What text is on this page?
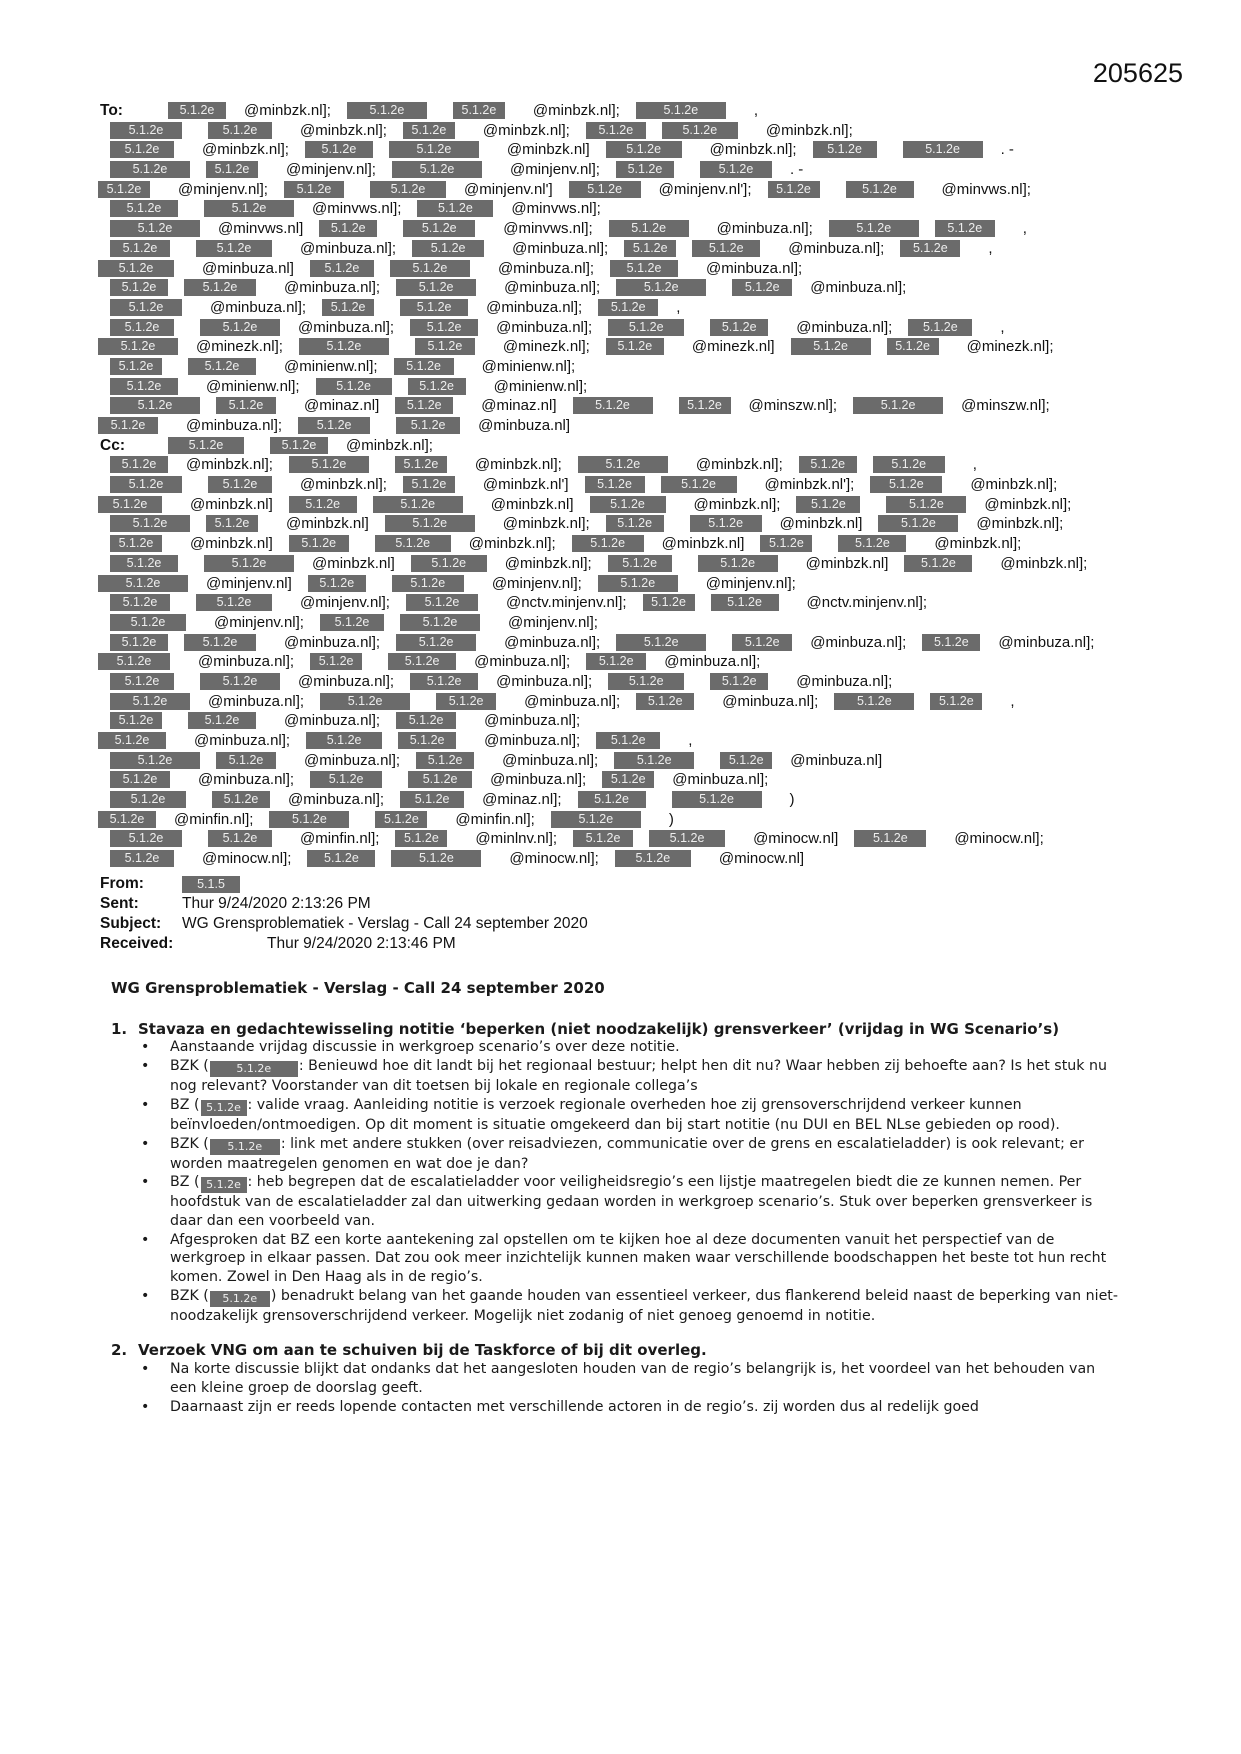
205625
5.1.2e @minbzk.nl];	5.1.2e	5.1.2e @minbzk.nl];	5.1.2e	,
To:
5.1.2e	5.1.2e	@minbzk.nl]; 5.1.2e @minbzk.nl]; 5.1.2e	5.1.2e	@minbzk.nl];
5.1.2e	@minbzk.nl];	5.1.2e	5.1.2e	@minbzk.nl]	5.1.2e	@minbzk.nl]; 5.1.2e	5.1.2e	. -
5.1.2e	5.1.2e @minjenv.nl];	5.1.2e	@minjenv.nl]; 5.1.2e	5.1.2e . -
5.1.2e @minjenv.nl]; 5.1.2e	5.1.2e	@minjenv.nl']	5.1.2e @minjenv.nl']; 5.1.2e	5.1.2e	@minvws.nl];
5.1.2e	5.1.2e	@minvws.nl];	5.1.2e	@minvws.nl];
5.1.2e	@minvws.nl] 5.1.2e	5.1.2e	@minvws.nl];	5.1.2e	@minbuza.nl];	5.1.2e	5.1.2e	,
5.1.2e	5.1.2e	@minbuza.nl];	5.1.2e	@minbuza.nl]; 5.1.2e	5.1.2e	@minbuza.nl]; 5.1.2e	,
5.1.2e	@minbuza.nl] 5.1.2e	5.1.2e	@minbuza.nl];	5.1.2e	@minbuza.nl];
5.1.2e	5.1.2e	@minbuza.nl];	5.1.2e	@minbuza.nl];	5.1.2e	5.1.2e @minbuza.nl];
5.1.2e	@minbuza.nl]; 5.1.2e	5.1.2e @minbuza.nl]; 5.1.2e ,
5.1.2e	5.1.2e	@minbuza.nl];	5.1.2e @minbuza.nl];	5.1.2e	5.1.2e	@minbuza.nl]; 5.1.2e	,
5.1.2e	@minezk.nl];	5.1.2e	5.1.2e	@minezk.nl]; 5.1.2e	@minezk.nl]	5.1.2e	5.1.2e @minezk.nl];
5.1.2e	5.1.2e	@minienw.nl]; 5.1.2e	@minienw.nl];
5.1.2e	@minienw.nl];	5.1.2e	5.1.2e	@minienw.nl];
5.1.2e	5.1.2e	@minaz.nl] 5.1.2e	@minaz.nl]	5.1.2e	5.1.2e @minszw.nl];	5.1.2e	@minszw.nl];
5.1.2e	@minbuza.nl];	5.1.2e	5.1.2e @minbuza.nl]
5.1.2e	5.1.2e @minbzk.nl];
Cc:
5.1.2e @minbzk.nl];	5.1.2e	5.1.2e @minbzk.nl];	5.1.2e	@minbzk.nl]; 5.1.2e	5.1.2e	,
5.1.2e	5.1.2e	@minbzk.nl]; 5.1.2e @minbzk.nl'] 5.1.2e	5.1.2e	@minbzk.nl'];	5.1.2e	@minbzk.nl];
5.1.2e	@minbzk.nl]	5.1.2e	5.1.2e	@minbzk.nl]	5.1.2e	@minbzk.nl]; 5.1.2e	5.1.2e	@minbzk.nl];
5.1.2e	5.1.2e @minbzk.nl]	5.1.2e	@minbzk.nl]; 5.1.2e	5.1.2e @minbzk.nl]	5.1.2e	@minbzk.nl];
5.1.2e @minbzk.nl] 5.1.2e	5.1.2e	@minbzk.nl];	5.1.2e @minbzk.nl] 5.1.2e	5.1.2e	@minbzk.nl];
5.1.2e	5.1.2e	@minbzk.nl]	5.1.2e	@minbzk.nl]; 5.1.2e	5.1.2e	@minbzk.nl]	5.1.2e	@minbzk.nl];
5.1.2e	@minjenv.nl] 5.1.2e	5.1.2e	@minjenv.nl];	5.1.2e	@minjenv.nl];
5.1.2e	5.1.2e	@minjenv.nl];	5.1.2e	@nctv.minjenv.nl]; 5.1.2e	5.1.2e	@nctv.minjenv.nl];
5.1.2e	@minjenv.nl]; 5.1.2e	5.1.2e	@minjenv.nl];
5.1.2e	5.1.2e	@minbuza.nl];	5.1.2e	@minbuza.nl];	5.1.2e	5.1.2e @minbuza.nl]; 5.1.2e @minbuza.nl];
5.1.2e	@minbuza.nl]; 5.1.2e	5.1.2e @minbuza.nl]; 5.1.2e @minbuza.nl];
5.1.2e	5.1.2e	@minbuza.nl];	5.1.2e @minbuza.nl];	5.1.2e	5.1.2e	@minbuza.nl];
5.1.2e	@minbuza.nl];	5.1.2e	5.1.2e	@minbuza.nl]; 5.1.2e	@minbuza.nl];	5.1.2e	5.1.2e ,
5.1.2e	5.1.2e	@minbuza.nl]; 5.1.2e	@minbuza.nl];
5.1.2e	@minbuza.nl];	5.1.2e	5.1.2e	@minbuza.nl]; 5.1.2e	,
5.1.2e	5.1.2e	@minbuza.nl]; 5.1.2e	@minbuza.nl];	5.1.2e	5.1.2e @minbuza.nl]
5.1.2e	@minbuza.nl];	5.1.2e	5.1.2e @minbuza.nl]; 5.1.2e @minbuza.nl];
5.1.2e	5.1.2e @minbuza.nl]; 5.1.2e @minaz.nl];	5.1.2e	5.1.2e	)
5.1.2e @minfin.nl];	5.1.2e	5.1.2e @minfin.nl];	5.1.2e	)
5.1.2e	5.1.2e	@minfin.nl]; 5.1.2e @minlnv.nl]; 5.1.2e	5.1.2e	@minocw.nl]	5.1.2e	@minocw.nl];
5.1.2e	@minocw.nl];	5.1.2e	5.1.2e	@minocw.nl];	5.1.2e	@minocw.nl]
From:	5.1.5
Sent:	Thur 9/24/2020 2:13:26 PM
Subject: WG Grensproblematiek - Verslag - Call 24 september 2020
Received:	Thur 9/24/2020 2:13:46 PM
WG Grensproblematiek - Verslag - Call 24 september 2020
1. Stavaza en gedachtewisseling notitie ‘beperken (niet noodzakelijk) grensverkeer’ (vrijdag in WG Scenario’s)
• Aanstaande vrijdag discussie in werkgroep scenario’s over deze notitie.
• BZK (	5.1.2e : Benieuwd hoe dit landt bij het regionaal bestuur; helpt hen dit nu? Waar hebben zij behoefte aan? Is het stuk nu nog relevant? Voorstander van dit toetsen bij lokale en regionale collega’s
• BZ ( 5.1.2e : valide vraag. Aanleiding notitie is verzoek regionale overheden hoe zij grensoverschrijdend verkeer kunnen beïnvloeden/ontmoedigen. Op dit moment is situatie omgekeerd dan bij start notitie (nu DUI en BEL NLse gebieden op rood).
• BZK ( 5.1.2e : link met andere stukken (over reisadviezen, communicatie over de grens en escalatieladder) is ook relevant; er worden maatregelen genomen en wat doe je dan?
• BZ ( 5.1.2e : heb begrepen dat de escalatieladder voor veiligheidsregio’s een lijstje maatregelen biedt die ze kunnen nemen. Per hoofdstuk van de escalatieladder zal dan uitwerking gedaan worden in werkgroep scenario’s. Stuk over beperken grensverkeer is daar dan een voorbeeld van.
• Afgesproken dat BZ een korte aantekening zal opstellen om te kijken hoe al deze documenten vanuit het perspectief van de werkgroep in elkaar passen. Dat zou ook meer inzichtelijk kunnen maken waar verschillende boodschappen het beste tot hun recht komen. Zowel in Den Haag als in de regio’s.
• BZK ( 5.1.2e ) benadrukt belang van het gaande houden van essentieel verkeer, dus flankerend beleid naast de beperking van niet-noodzakelijk grensoverschrijdend verkeer. Mogelijk niet zodanig of niet genoeg genoemd in notitie.
2. Verzoek VNG om aan te schuiven bij de Taskforce of bij dit overleg.
• Na korte discussie blijkt dat ondanks dat het aangesloten houden van de regio’s belangrijk is, het voordeel van het behouden van een kleine groep de doorslag geeft.
• Daarnaast zijn er reeds lopende contacten met verschillende actoren in de regio’s. zij worden dus al redelijk goed
